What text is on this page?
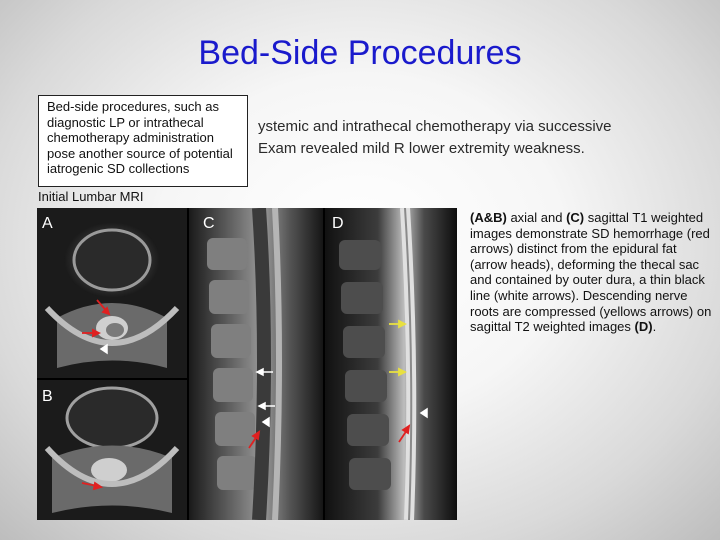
Bed-Side Procedures
ystemic and intrathecal chemotherapy via successive
Exam revealed mild R lower extremity weakness.
Bed-side procedures, such as diagnostic LP or intrathecal chemotherapy administration pose another source of potential iatrogenic SD collections
Initial Lumbar MRI
A
B
C	D	(A&B) axial and (C) sagittal T1 weighted images demonstrate SD hemorrhage (red arrows) distinct from the epidural fat (arrow heads), deforming the thecal sac and contained by outer dura, a thin black line (white arrows). Descending nerve roots are compressed (yellows arrows) on sagittal T2 weighted images (D).
